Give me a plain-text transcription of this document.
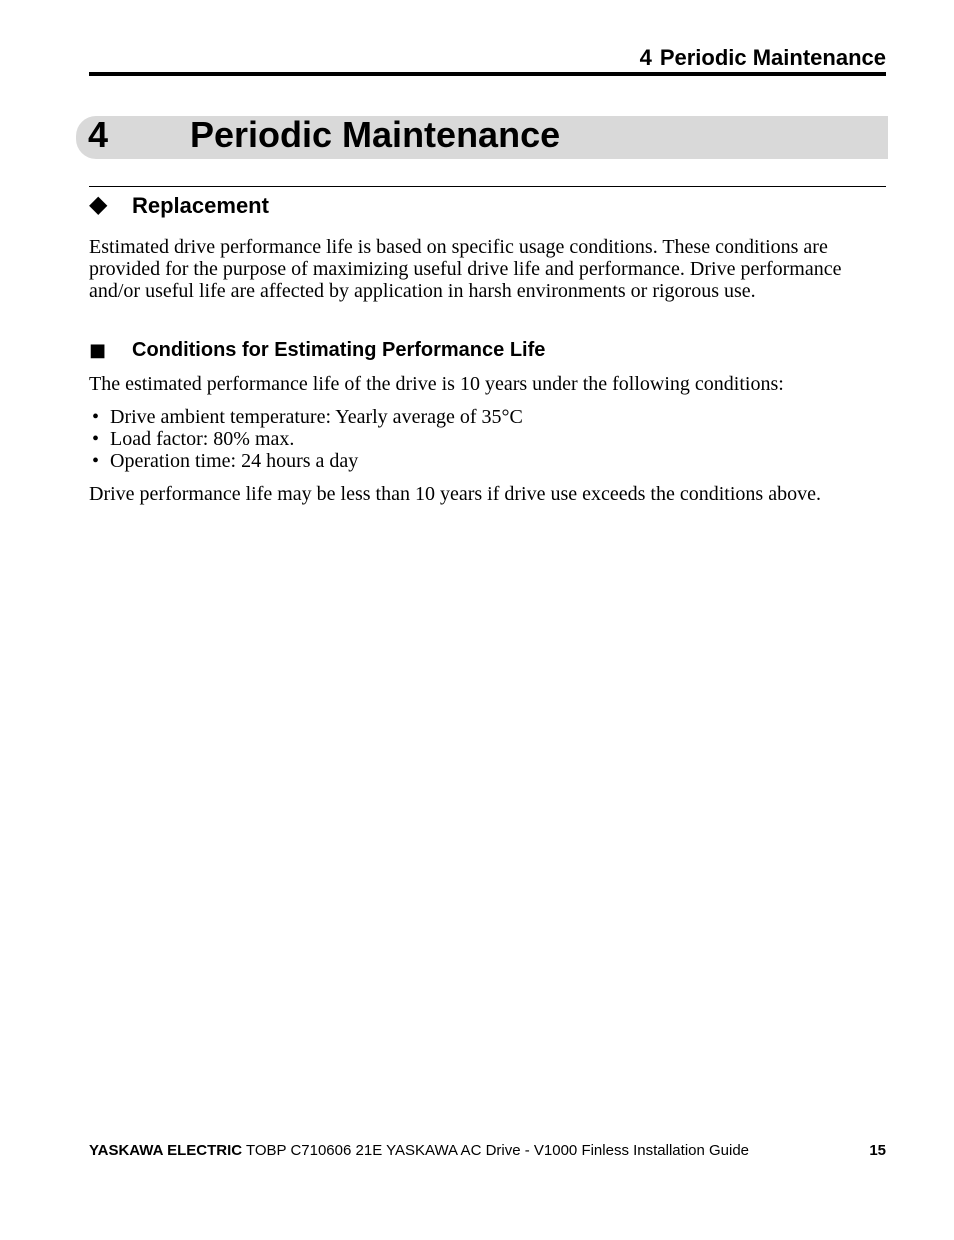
4 Periodic Maintenance
4 Periodic Maintenance
◆ Replacement
Estimated drive performance life is based on specific usage conditions. These conditions are provided for the purpose of maximizing useful drive life and performance. Drive performance and/or useful life are affected by application in harsh environments or rigorous use.
■ Conditions for Estimating Performance Life
The estimated performance life of the drive is 10 years under the following conditions:
• Drive ambient temperature: Yearly average of 35°C
• Load factor: 80% max.
• Operation time: 24 hours a day
Drive performance life may be less than 10 years if drive use exceeds the conditions above.
YASKAWA ELECTRIC TOBP C710606 21E YASKAWA AC Drive - V1000 Finless Installation Guide	15
